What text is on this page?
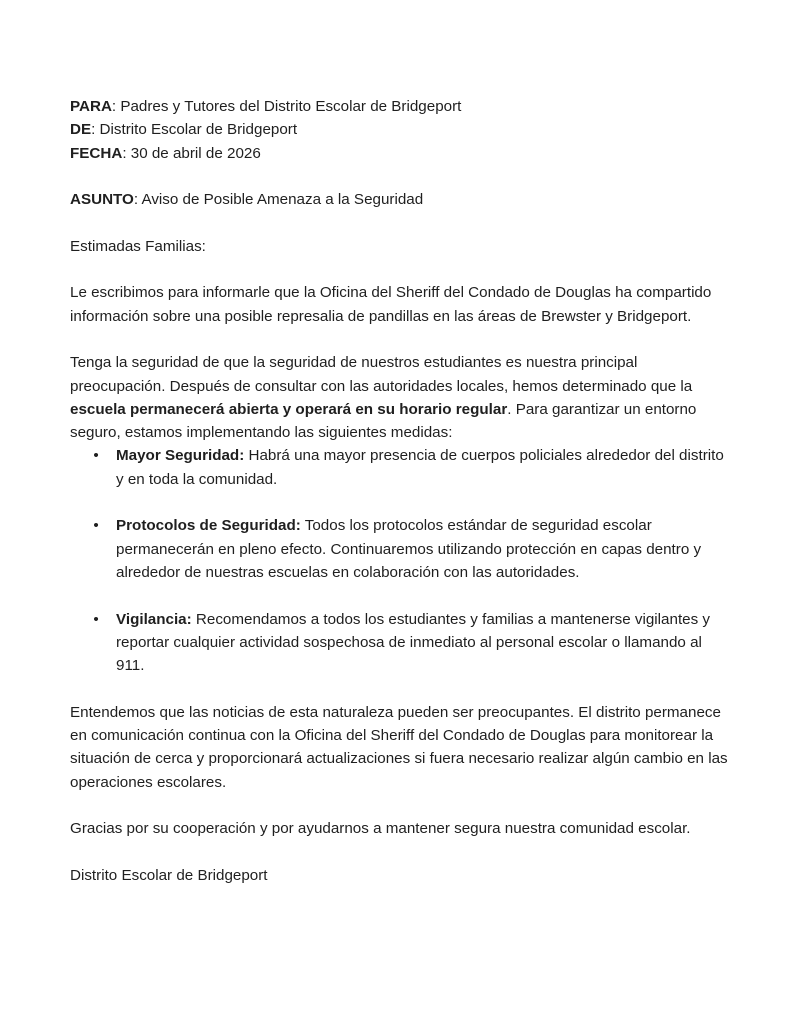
PARA: Padres y Tutores del Distrito Escolar de Bridgeport

DE: Distrito Escolar de Bridgeport

FECHA: 30 de abril de 2026

ASUNTO: Aviso de Posible Amenaza a la Seguridad

Estimadas Familias:

Le escribimos para informarle que la Oficina del Sheriff del Condado de Douglas ha compartido información sobre una posible represalia de pandillas en las áreas de Brewster y Bridgeport.

Tenga la seguridad de que la seguridad de nuestros estudiantes es nuestra principal preocupación. Después de consultar con las autoridades locales, hemos determinado que la escuela permanecerá abierta y operará en su horario regular. Para garantizar un entorno seguro, estamos implementando las siguientes medidas:

• Mayor Seguridad: Habrá una mayor presencia de cuerpos policiales alrededor del distrito y en toda la comunidad.
• Protocolos de Seguridad: Todos los protocolos estándar de seguridad escolar permanecerán en pleno efecto. Continuaremos utilizando protección en capas dentro y alrededor de nuestras escuelas en colaboración con las autoridades.
• Vigilancia: Recomendamos a todos los estudiantes y familias a mantenerse vigilantes y reportar cualquier actividad sospechosa de inmediato al personal escolar o llamando al 911.

Entendemos que las noticias de esta naturaleza pueden ser preocupantes. El distrito permanece en comunicación continua con la Oficina del Sheriff del Condado de Douglas para monitorear la situación de cerca y proporcionará actualizaciones si fuera necesario realizar algún cambio en las operaciones escolares.

Gracias por su cooperación y por ayudarnos a mantener segura nuestra comunidad escolar.

Distrito Escolar de Bridgeport
